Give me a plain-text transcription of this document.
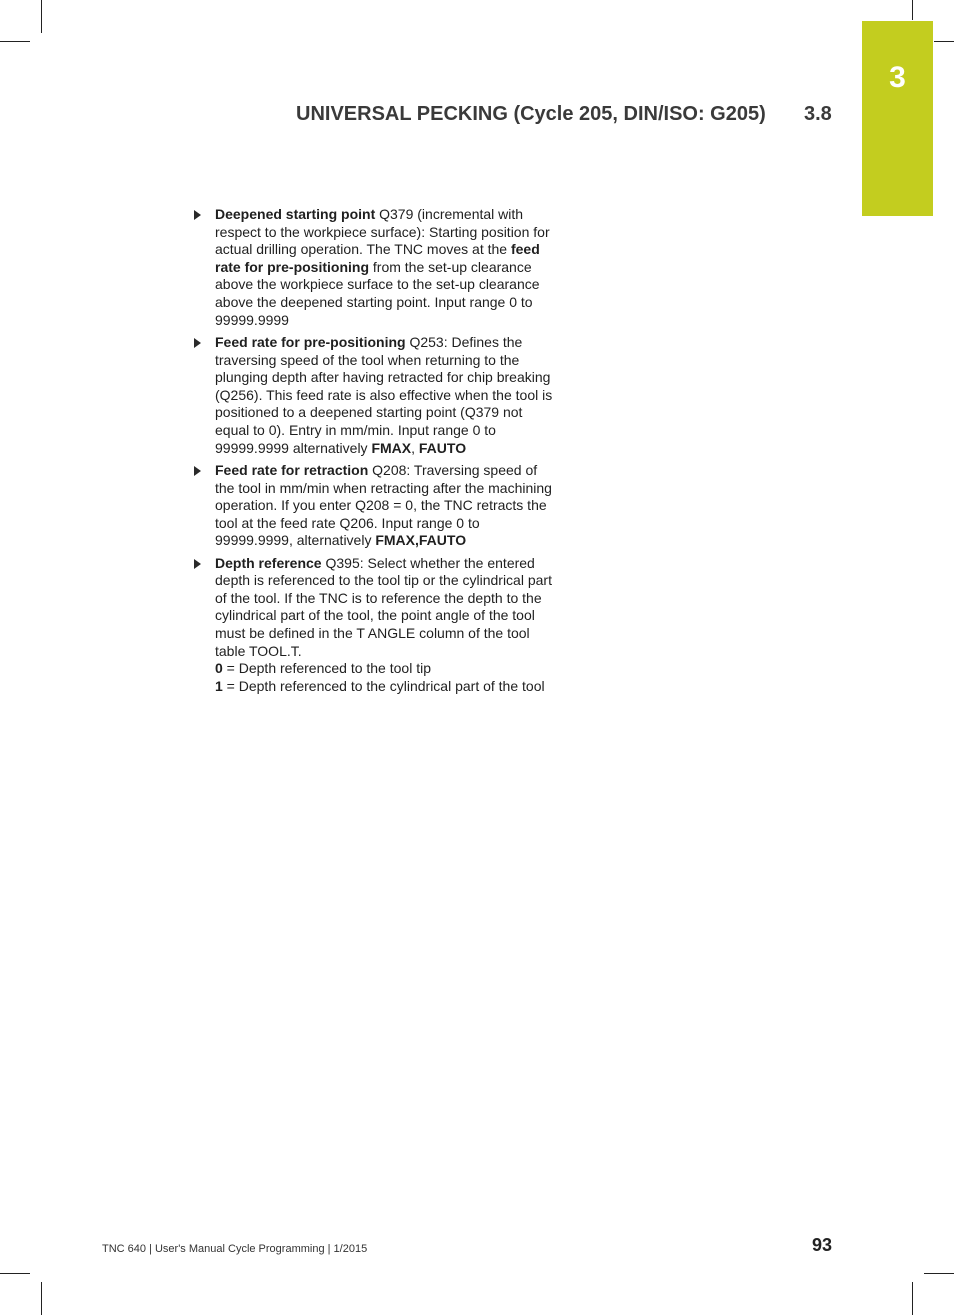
3
UNIVERSAL PECKING (Cycle 205, DIN/ISO: G205) 3.8
Deepened starting point Q379 (incremental with respect to the workpiece surface): Starting position for actual drilling operation. The TNC moves at the feed rate for pre-positioning from the set-up clearance above the workpiece surface to the set-up clearance above the deepened starting point. Input range 0 to 99999.9999
Feed rate for pre-positioning Q253: Defines the traversing speed of the tool when returning to the plunging depth after having retracted for chip breaking (Q256). This feed rate is also effective when the tool is positioned to a deepened starting point (Q379 not equal to 0). Entry in mm/min. Input range 0 to 99999.9999 alternatively FMAX, FAUTO
Feed rate for retraction Q208: Traversing speed of the tool in mm/min when retracting after the machining operation. If you enter Q208 = 0, the TNC retracts the tool at the feed rate Q206. Input range 0 to 99999.9999, alternatively FMAX,FAUTO
Depth reference Q395: Select whether the entered depth is referenced to the tool tip or the cylindrical part of the tool. If the TNC is to reference the depth to the cylindrical part of the tool, the point angle of the tool must be defined in the T ANGLE column of the tool table TOOL.T.
0 = Depth referenced to the tool tip
1 = Depth referenced to the cylindrical part of the tool
TNC 640 | User's Manual Cycle Programming | 1/2015	93
